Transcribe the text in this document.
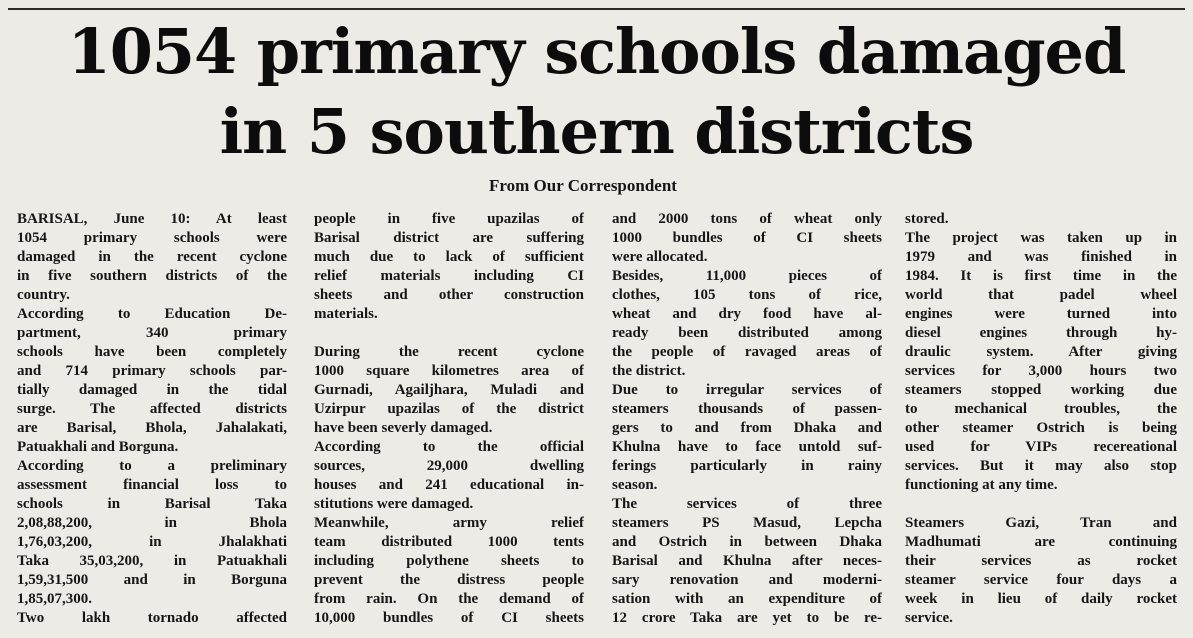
1054 primary schools damaged
in 5 southern districts
From Our Correspondent
BARISAL, June 10: At least
1054 primary schools were
damaged in the recent cyclone
in five southern districts of the
country.
According to Education De-
partment, 340 primary
schools have been completely
and 714 primary schools par-
tially damaged in the tidal
surge. The affected districts
are Barisal, Bhola, Jahalakati,
Patuakhali and Borguna.
According to a preliminary
assessment financial loss to
schools in Barisal Taka
2,08,88,200, in Bhola
1,76,03,200, in Jhalakhati
Taka 35,03,200, in Patuakhali
1,59,31,500 and in Borguna
1,85,07,300.
Two lakh tornado affected
people in five upazilas of
Barisal district are suffering
much due to lack of sufficient
relief materials including CI
sheets and other construction
materials.
During the recent cyclone
1000 square kilometres area of
Gurnadi, Agailjhara, Muladi and
Uzirpur upazilas of the district
have been severly damaged.
According to the official
sources, 29,000 dwelling
houses and 241 educational in-
stitutions were damaged.
Meanwhile, army relief
team distributed 1000 tents
including polythene sheets to
prevent the distress people
from rain. On the demand of
10,000 bundles of CI sheets
and 2000 tons of wheat only
1000 bundles of CI sheets
were allocated.
Besides, 11,000 pieces of
clothes, 105 tons of rice,
wheat and dry food have al-
ready been distributed among
the people of ravaged areas of
the district.
Due to irregular services of
steamers thousands of passen-
gers to and from Dhaka and
Khulna have to face untold suf-
ferings particularly in rainy
season.
The services of three
steamers PS Masud, Lepcha
and Ostrich in between Dhaka
Barisal and Khulna after neces-
sary renovation and moderni-
sation with an expenditure of
12 crore Taka are yet to be re-
stored.
The project was taken up in
1979 and was finished in
1984. It is first time in the
world that padel wheel
engines were turned into
diesel engines through hy-
draulic system. After giving
services for 3,000 hours two
steamers stopped working due
to mechanical troubles, the
other steamer Ostrich is being
used for VIPs recereational
services. But it may also stop
functioning at any time.
Steamers Gazi, Tran and
Madhumati are continuing
their services as rocket
steamer service four days a
week in lieu of daily rocket
service.
